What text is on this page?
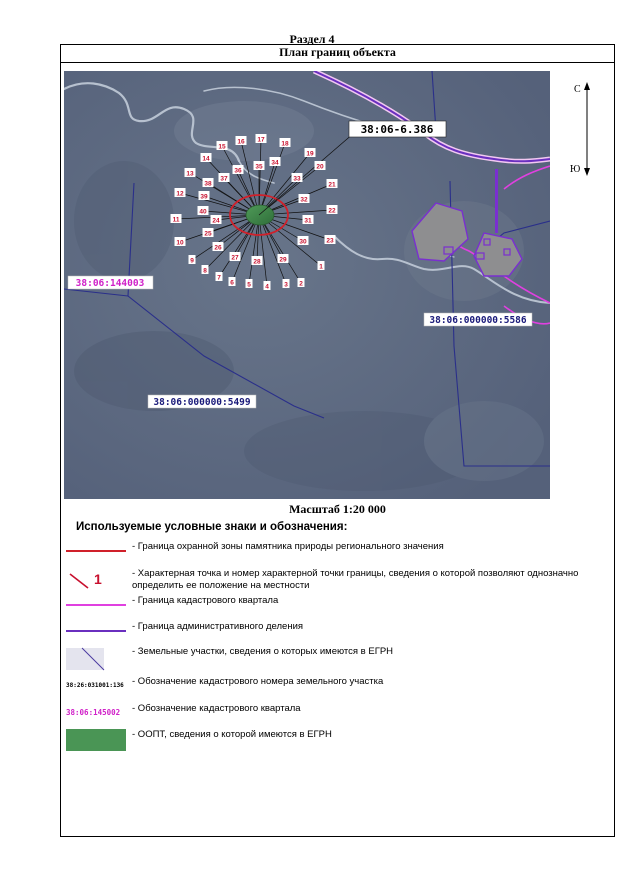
Раздел 4
План границ объекта
1
2
3
4
5
6
7
8
9
10
11
12
13
14
15
16 17
18
19
20
21
22
23
24
25
26
27
28	29
30
31
32
33
34
35
36
37
38
39
40
38:06-6.386
38:06:144003
38:06:000000:5586
38:06:000000:5499
С
Ю
Масштаб 1:20 000
Используемые условные знаки и обозначения:
- Граница охранной зоны памятника природы регионального значения
1	- Характерная точка и номер характерной точки границы, сведения о которой позволяют однозначно определить ее положение на местности
- Граница кадастрового квартала
- Граница административного деления
- Земельные участки, сведения о которых имеются в ЕГРН
38:26:031001:136 - Обозначение кадастрового номера земельного участка
38:06:145002	- Обозначение кадастрового квартала
- ООПТ, сведения о которой имеются в ЕГРН
